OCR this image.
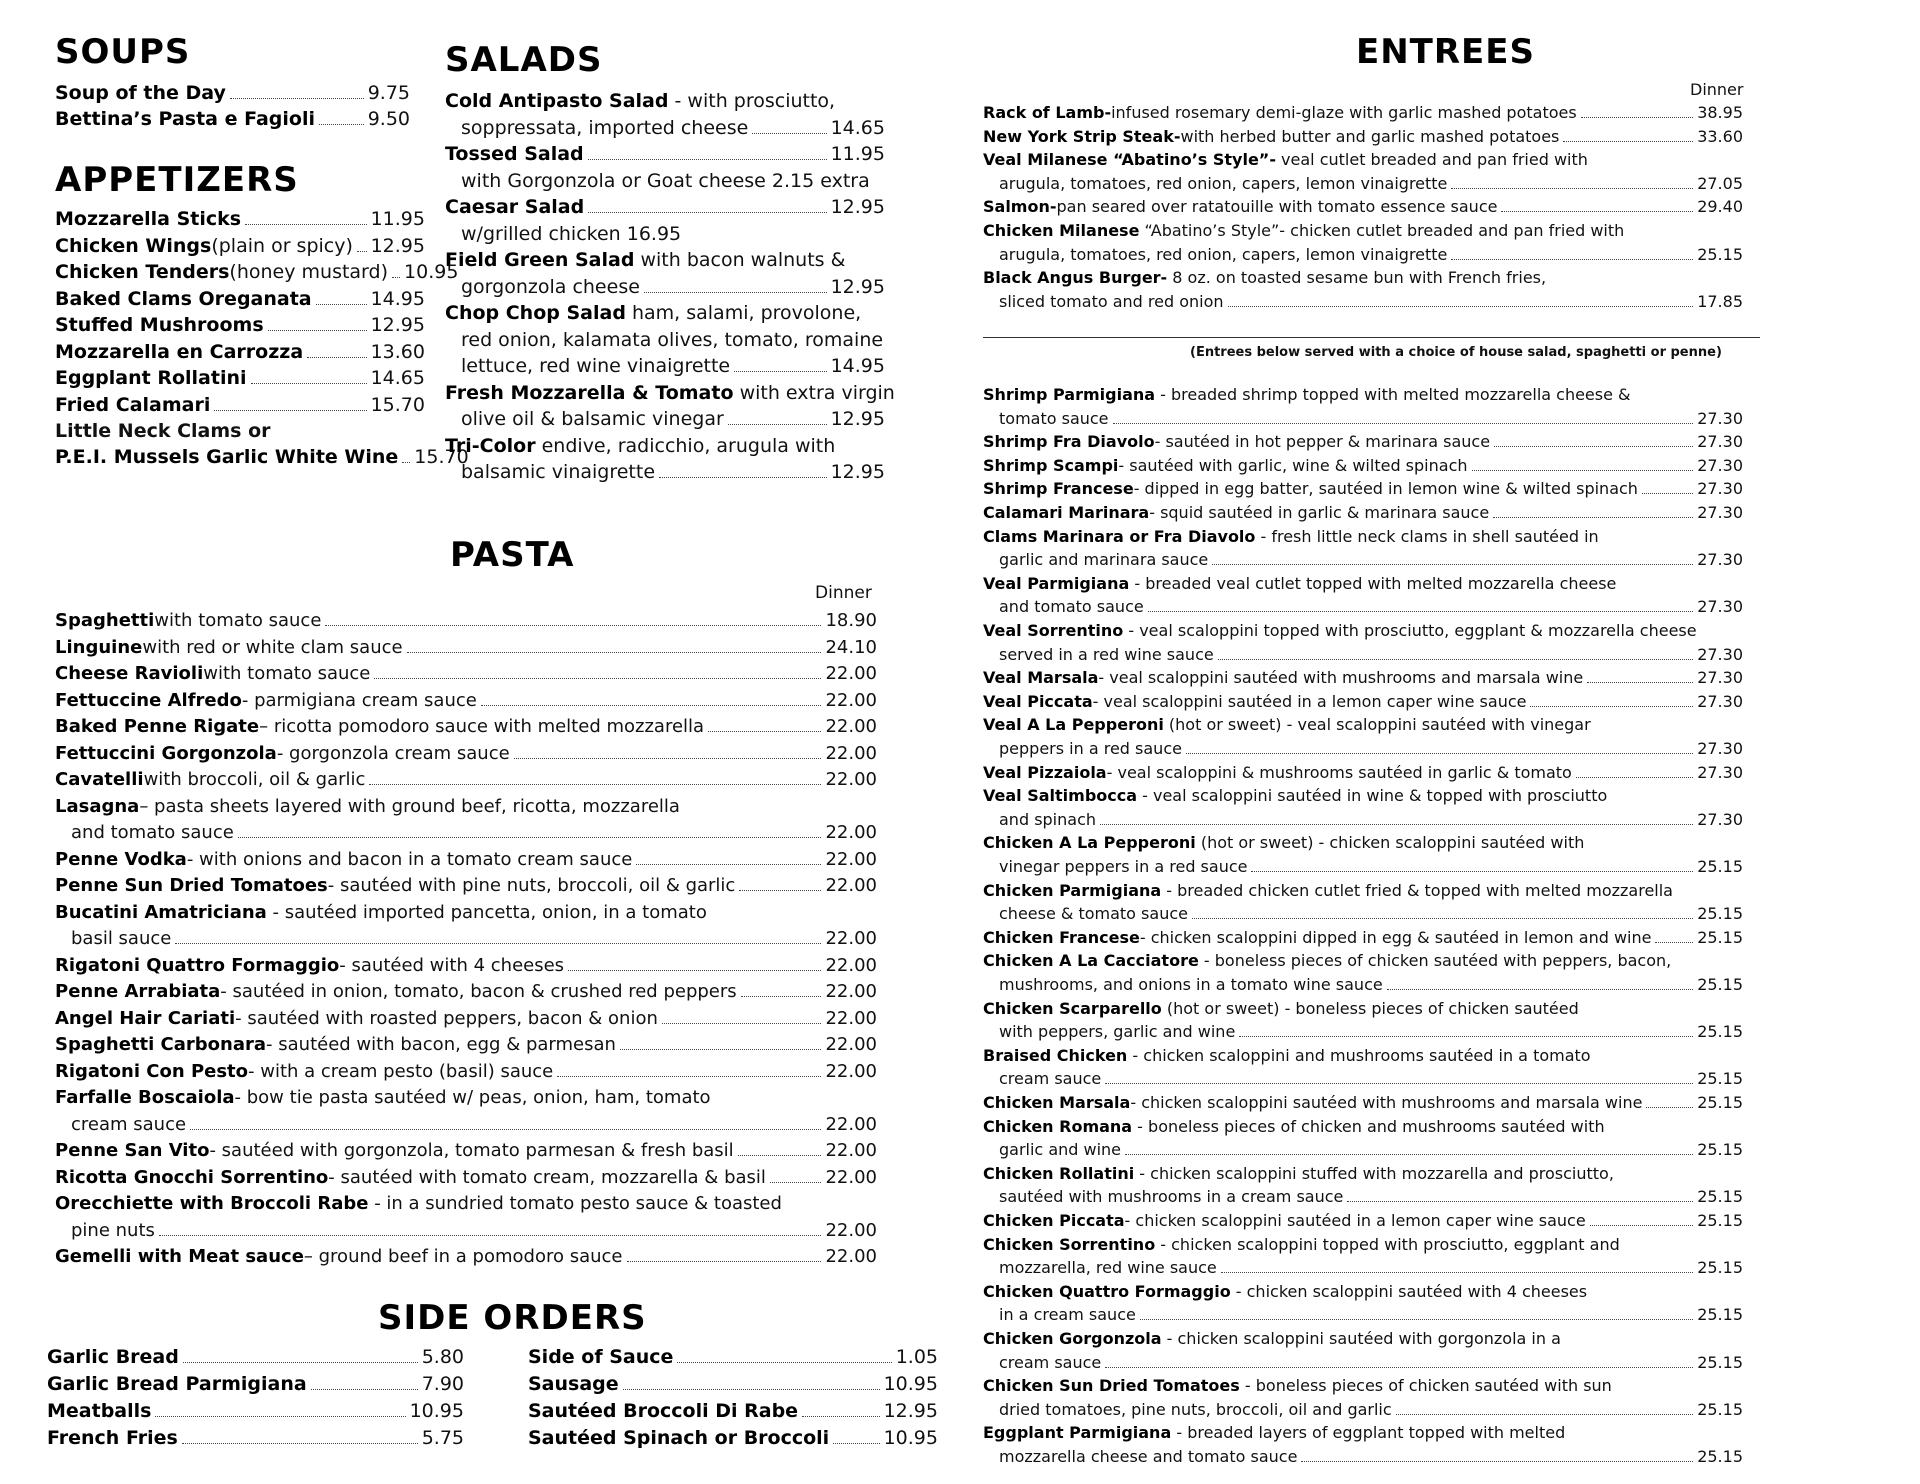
SOUPS
Soup of the Day	9.75
Bettina’s Pasta e Fagioli	9.50
APPETIZERS
Mozzarella Sticks	11.95
Chicken Wings (plain or spicy) 12.95
Chicken Tenders (honey mustard) 10.95
Baked Clams Oreganata	14.95
Stuffed Mushrooms	12.95
Mozzarella en Carrozza	13.60
Eggplant Rollatini	14.65
Fried Calamari	15.70
Little Neck Clams or
P.E.I. Mussels Garlic White Wine 15.70
SALADS
Cold Antipasto Salad - with prosciutto,
soppressata, imported cheese	14.65
Tossed Salad	11.95
with Gorgonzola or Goat cheese 2.15 extra
Caesar Salad	12.95
w/grilled chicken 16.95
Field Green Salad with bacon walnuts &
gorgonzola cheese	12.95
Chop Chop Salad ham, salami, provolone,
red onion, kalamata olives, tomato, romaine
lettuce, red wine vinaigrette	14.95
Fresh Mozzarella & Tomato with extra virgin
olive oil & balsamic vinegar	12.95
Tri-Color endive, radicchio, arugula with
balsamic vinaigrette	12.95
PASTA
Dinner
Spaghetti with tomato sauce	18.90
Linguine with red or white clam sauce	24.10
Cheese Ravioli with tomato sauce	22.00
Fettuccine Alfredo - parmigiana cream sauce	22.00
Baked Penne Rigate – ricotta pomodoro sauce with melted mozzarella	22.00
Fettuccini Gorgonzola - gorgonzola cream sauce	22.00
Cavatelli with broccoli, oil & garlic	22.00
Lasagna– pasta sheets layered with ground beef, ricotta, mozzarella
and tomato sauce	22.00
Penne Vodka - with onions and bacon in a tomato cream sauce	22.00
Penne Sun Dried Tomatoes - sautéed with pine nuts, broccoli, oil & garlic	22.00
Bucatini Amatriciana - sautéed imported pancetta, onion, in a tomato
basil sauce	22.00
Rigatoni Quattro Formaggio - sautéed with 4 cheeses	22.00
Penne Arrabiata - sautéed in onion, tomato, bacon & crushed red peppers	22.00
Angel Hair Cariati - sautéed with roasted peppers, bacon & onion	22.00
Spaghetti Carbonara - sautéed with bacon, egg & parmesan	22.00
Rigatoni Con Pesto - with a cream pesto (basil) sauce	22.00
Farfalle Boscaiola- bow tie pasta sautéed w/ peas, onion, ham, tomato
cream sauce	22.00
Penne San Vito - sautéed with gorgonzola, tomato parmesan & fresh basil	22.00
Ricotta Gnocchi Sorrentino - sautéed with tomato cream, mozzarella & basil	22.00
Orecchiette with Broccoli Rabe - in a sundried tomato pesto sauce & toasted
pine nuts	22.00
Gemelli with Meat sauce – ground beef in a pomodoro sauce	22.00
SIDE ORDERS
Garlic Bread	5.80
Garlic Bread Parmigiana	7.90
Meatballs	10.95
French Fries	5.75
Side of Sauce	1.05
Sausage	10.95
Sautéed Broccoli Di Rabe	12.95
Sautéed Spinach or Broccoli	10.95
ENTREES
Dinner
Rack of Lamb- infused rosemary demi-glaze with garlic mashed potatoes	38.95
New York Strip Steak- with herbed butter and garlic mashed potatoes	33.60
Veal Milanese “Abatino’s Style”- veal cutlet breaded and pan fried with
arugula, tomatoes, red onion, capers, lemon vinaigrette	27.05
Salmon- pan seared over ratatouille with tomato essence sauce	29.40
Chicken Milanese “Abatino’s Style”- chicken cutlet breaded and pan fried with
arugula, tomatoes, red onion, capers, lemon vinaigrette	25.15
Black Angus Burger- 8 oz. on toasted sesame bun with French fries,
sliced tomato and red onion	17.85
(Entrees below served with a choice of house salad, spaghetti or penne)
Shrimp Parmigiana - breaded shrimp topped with melted mozzarella cheese &
tomato sauce	27.30
Shrimp Fra Diavolo - sautéed in hot pepper & marinara sauce	27.30
Shrimp Scampi - sautéed with garlic, wine & wilted spinach	27.30
Shrimp Francese - dipped in egg batter, sautéed in lemon wine & wilted spinach	27.30
Calamari Marinara - squid sautéed in garlic & marinara sauce	27.30
Clams Marinara or Fra Diavolo - fresh little neck clams in shell sautéed in
garlic and marinara sauce	27.30
Veal Parmigiana - breaded veal cutlet topped with melted mozzarella cheese
and tomato sauce	27.30
Veal Sorrentino - veal scaloppini topped with prosciutto, eggplant & mozzarella cheese
served in a red wine sauce	27.30
Veal Marsala - veal scaloppini sautéed with mushrooms and marsala wine	27.30
Veal Piccata - veal scaloppini sautéed in a lemon caper wine sauce	27.30
Veal A La Pepperoni (hot or sweet) - veal scaloppini sautéed with vinegar
peppers in a red sauce	27.30
Veal Pizzaiola - veal scaloppini & mushrooms sautéed in garlic & tomato	27.30
Veal Saltimbocca - veal scaloppini sautéed in wine & topped with prosciutto
and spinach	27.30
Chicken A La Pepperoni (hot or sweet) - chicken scaloppini sautéed with
vinegar peppers in a red sauce	25.15
Chicken Parmigiana - breaded chicken cutlet fried & topped with melted mozzarella
cheese & tomato sauce	25.15
Chicken Francese - chicken scaloppini dipped in egg & sautéed in lemon and wine	25.15
Chicken A La Cacciatore - boneless pieces of chicken sautéed with peppers, bacon,
mushrooms, and onions in a tomato wine sauce	25.15
Chicken Scarparello (hot or sweet) - boneless pieces of chicken sautéed
with peppers, garlic and wine	25.15
Braised Chicken - chicken scaloppini and mushrooms sautéed in a tomato
cream sauce	25.15
Chicken Marsala - chicken scaloppini sautéed with mushrooms and marsala wine	25.15
Chicken Romana - boneless pieces of chicken and mushrooms sautéed with
garlic and wine	25.15
Chicken Rollatini - chicken scaloppini stuffed with mozzarella and prosciutto,
sautéed with mushrooms in a cream sauce	25.15
Chicken Piccata - chicken scaloppini sautéed in a lemon caper wine sauce	25.15
Chicken Sorrentino - chicken scaloppini topped with prosciutto, eggplant and
mozzarella, red wine sauce	25.15
Chicken Quattro Formaggio - chicken scaloppini sautéed with 4 cheeses
in a cream sauce	25.15
Chicken Gorgonzola - chicken scaloppini sautéed with gorgonzola in a
cream sauce	25.15
Chicken Sun Dried Tomatoes - boneless pieces of chicken sautéed with sun
dried tomatoes, pine nuts, broccoli, oil and garlic	25.15
Eggplant Parmigiana - breaded layers of eggplant topped with melted
mozzarella cheese and tomato sauce	25.15
